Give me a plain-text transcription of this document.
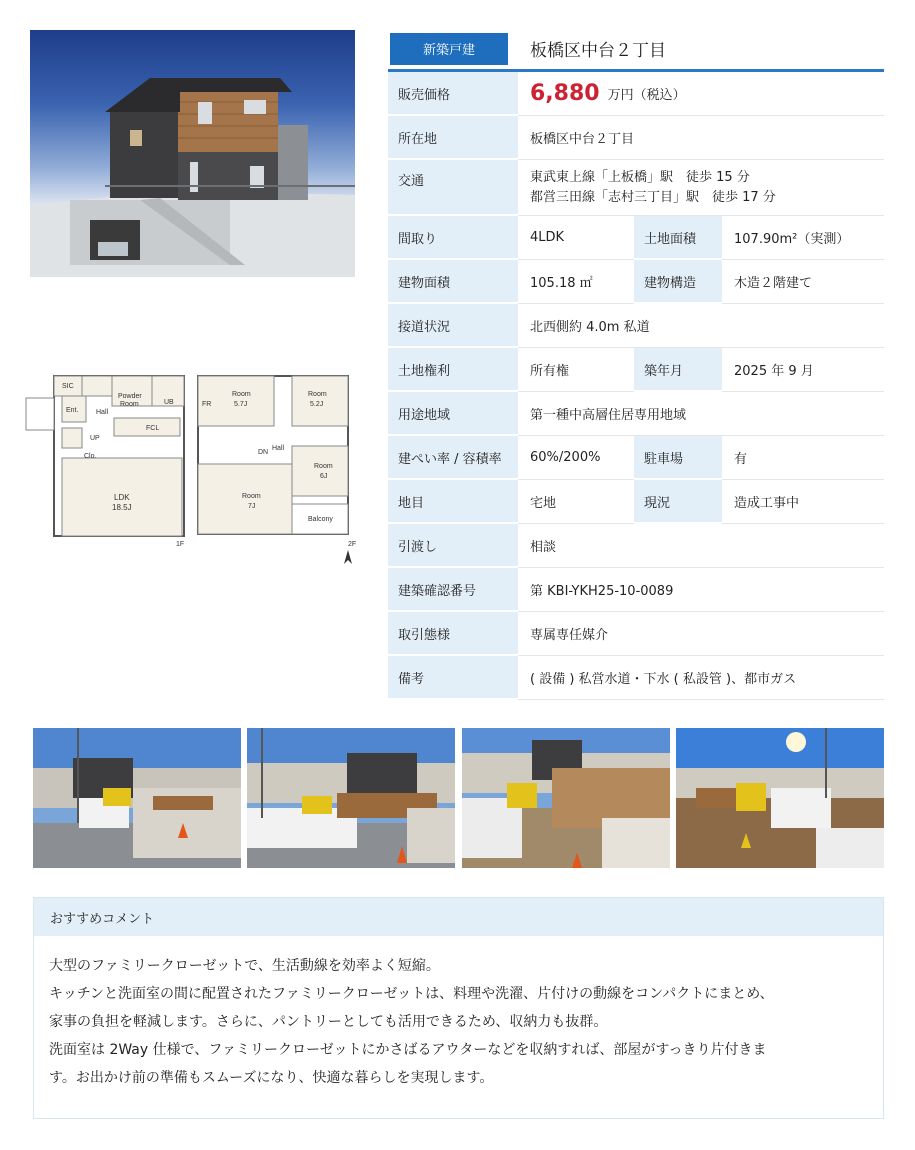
SIC
Powder
Room	UB
Ent.	Hall
FCL
UP
Clo.
LDK
18.5J
1F
FR
Room
5.7J
Room
5.2J
DN
Hall
Room
6J
Room
7J
Balcony
2F
新築戸建	板橋区中台２丁目
販売価格	6,880 万円（税込）
所在地	板橋区中台２丁目
交通	東武東上線「上板橋」駅　徒歩 15 分
都営三田線「志村三丁目」駅　徒歩 17 分
間取り	4LDK	土地面積	107.90m²（実測）
建物面積	105.18 ㎡	建物構造	木造２階建て
接道状況	北西側約 4.0m 私道
土地権利	所有権	築年月	2025 年 9 月
用途地域	第一種中高層住居専用地域
建ぺい率 / 容積率	60%/200%	駐車場	有
地目	宅地	現況	造成工事中
引渡し	相談
建築確認番号	第 KBI-YKH25-10-0089
取引態様	専属専任媒介
備考	( 設備 ) 私営水道・下水 ( 私設管 )、都市ガス
おすすめコメント

大型のファミリークローゼットで、生活動線を効率よく短縮。

キッチンと洗面室の間に配置されたファミリークローゼットは、料理や洗濯、片付けの動線をコンパクトにまとめ、

家事の負担を軽減します。さらに、パントリーとしても活用できるため、収納力も抜群。

洗面室は 2Way 仕様で、ファミリークローゼットにかさばるアウターなどを収納すれば、部屋がすっきり片付きま

す。お出かけ前の準備もスムーズになり、快適な暮らしを実現します。
